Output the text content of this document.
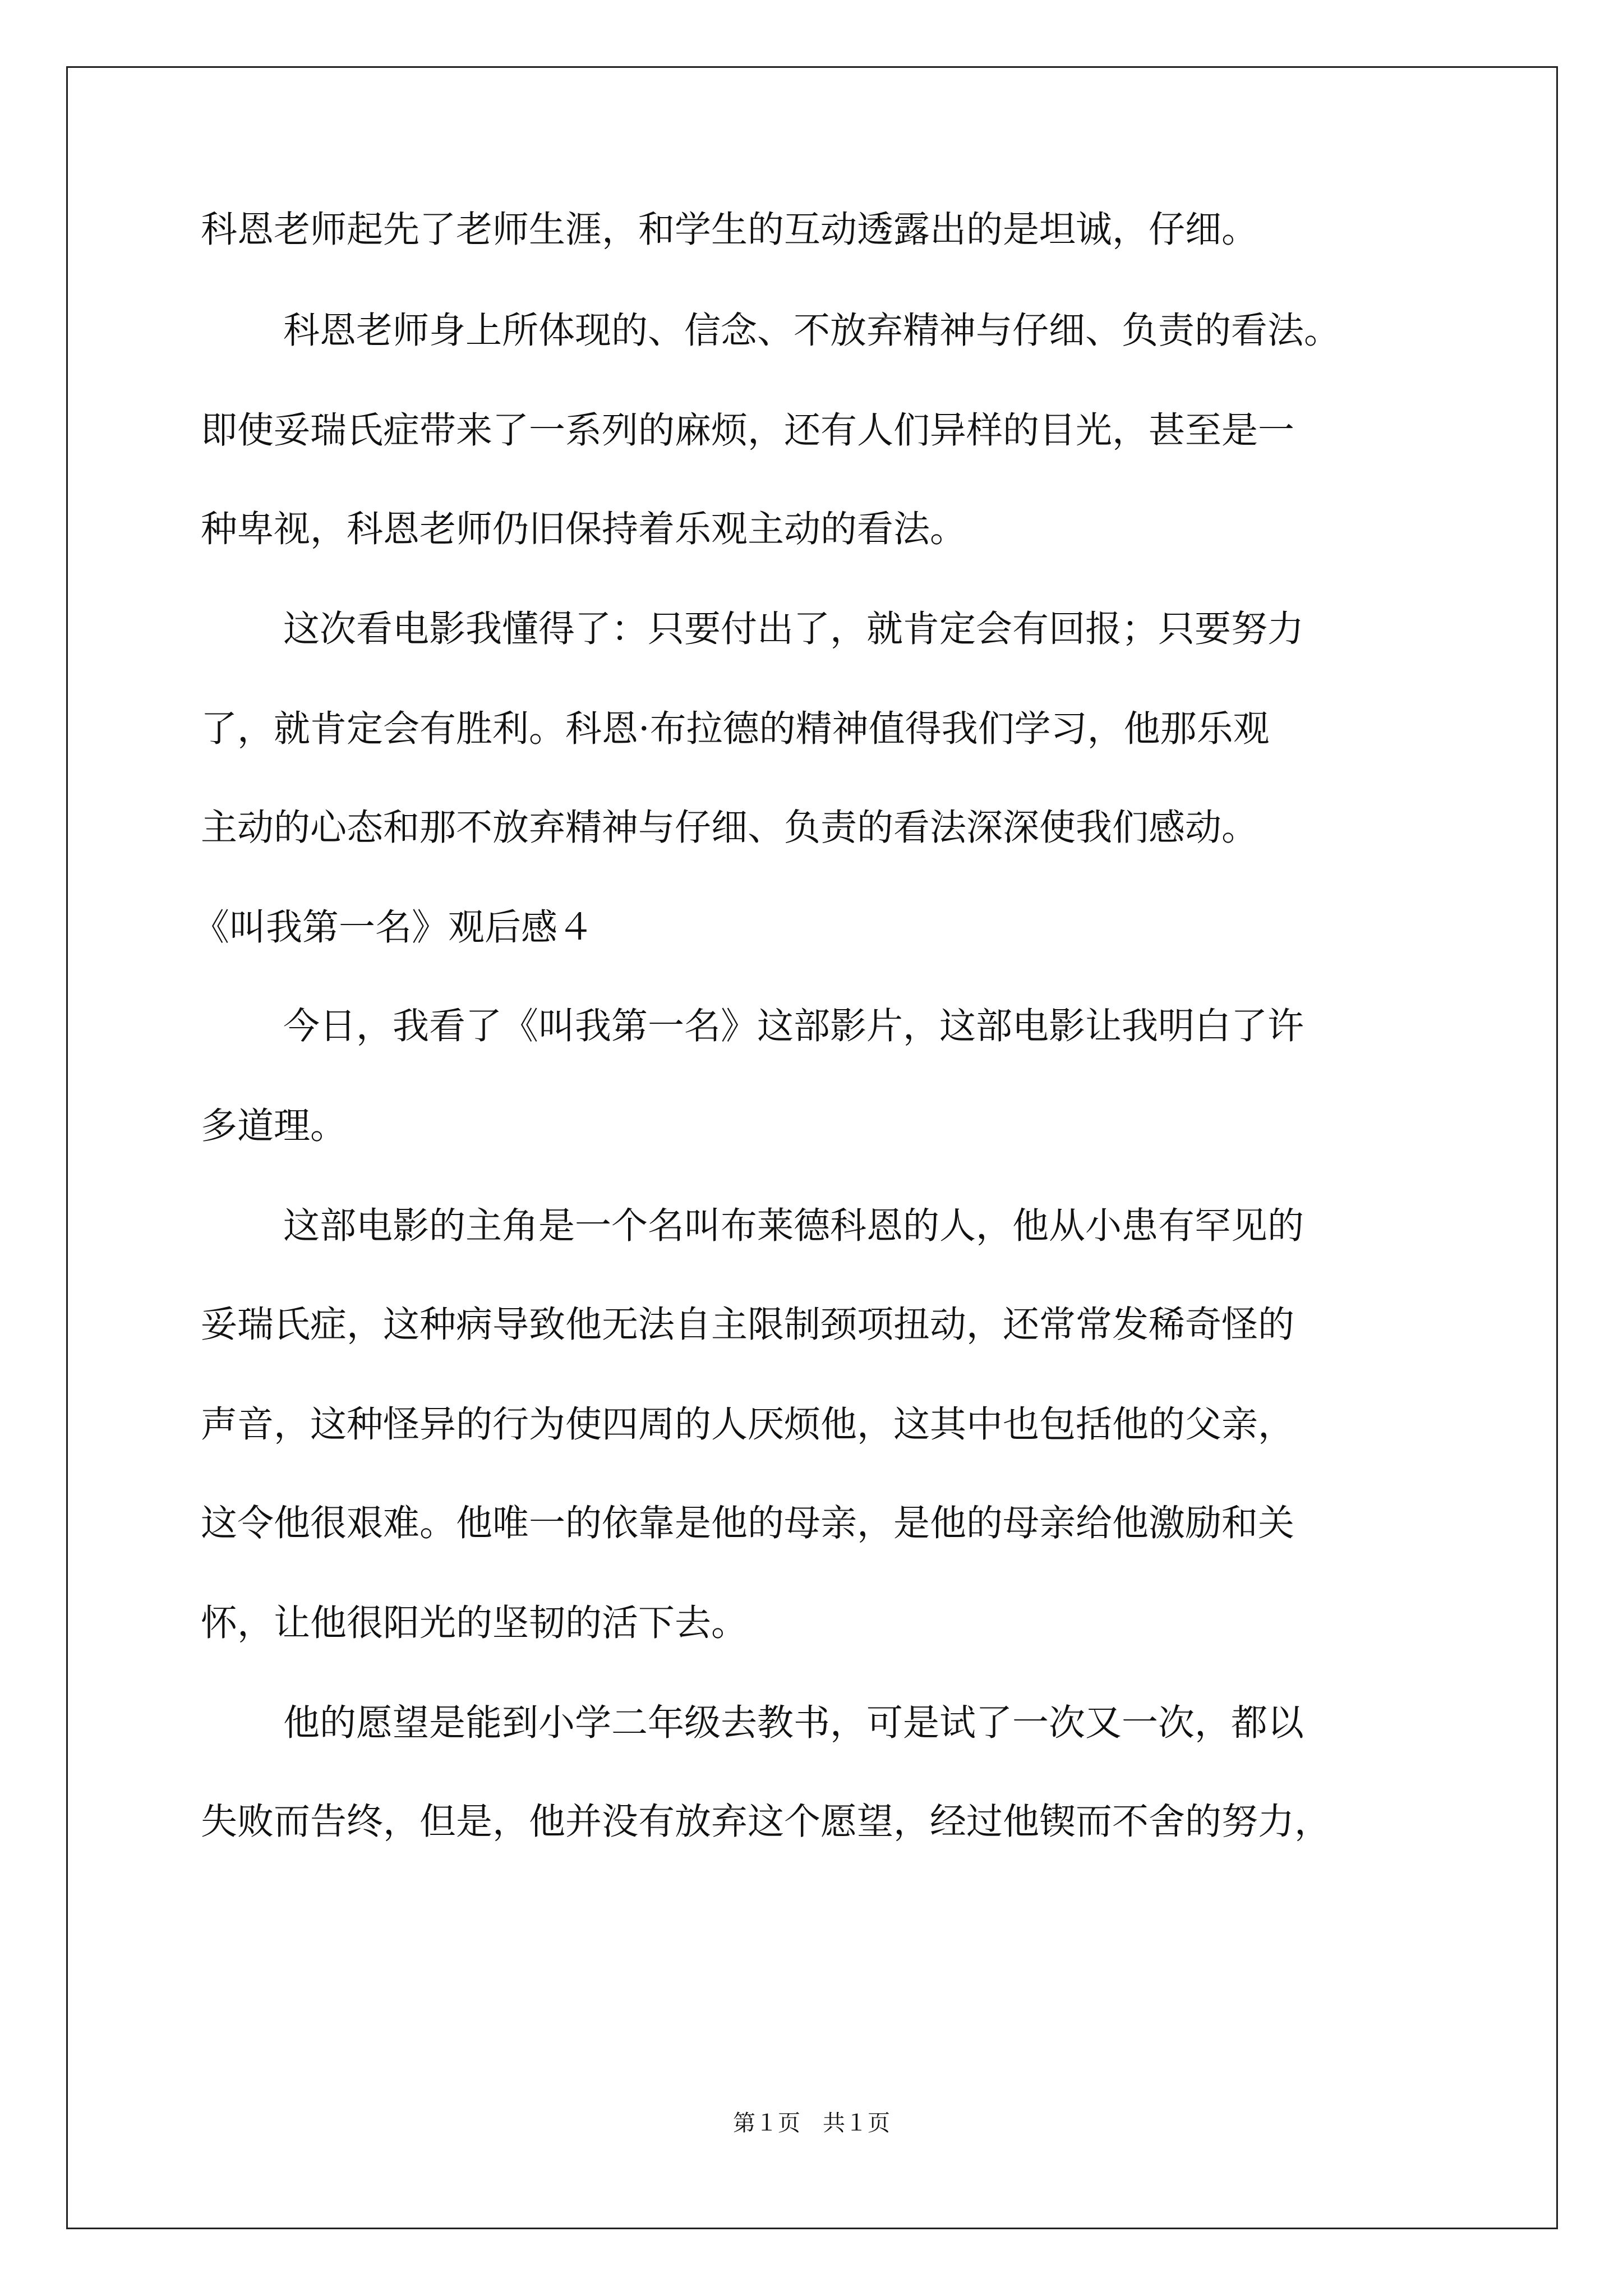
科恩老师起先了老师生涯，和学生的互动透露出的是坦诚，仔细。
科恩老师身上所体现的、信念、不放弃精神与仔细、负责的看法。
即使妥瑞氏症带来了一系列的麻烦，还有人们异样的目光，甚至是一
种卑视，科恩老师仍旧保持着乐观主动的看法。
这次看电影我懂得了：只要付出了，就肯定会有回报；只要努力
了，就肯定会有胜利。科恩·布拉德的精神值得我们学习，他那乐观
主动的心态和那不放弃精神与仔细、负责的看法深深使我们感动。
《叫我第一名》观后感４
今日，我看了《叫我第一名》这部影片，这部电影让我明白了许
多道理。
这部电影的主角是一个名叫布莱德科恩的人，他从小患有罕见的
妥瑞氏症，这种病导致他无法自主限制颈项扭动，还常常发稀奇怪的
声音，这种怪异的行为使四周的人厌烦他，这其中也包括他的父亲，
这令他很艰难。他唯一的依靠是他的母亲，是他的母亲给他激励和关
怀，让他很阳光的坚韧的活下去。
他的愿望是能到小学二年级去教书，可是试了一次又一次，都以
失败而告终，但是，他并没有放弃这个愿望，经过他锲而不舍的努力，
第１页　共１页
